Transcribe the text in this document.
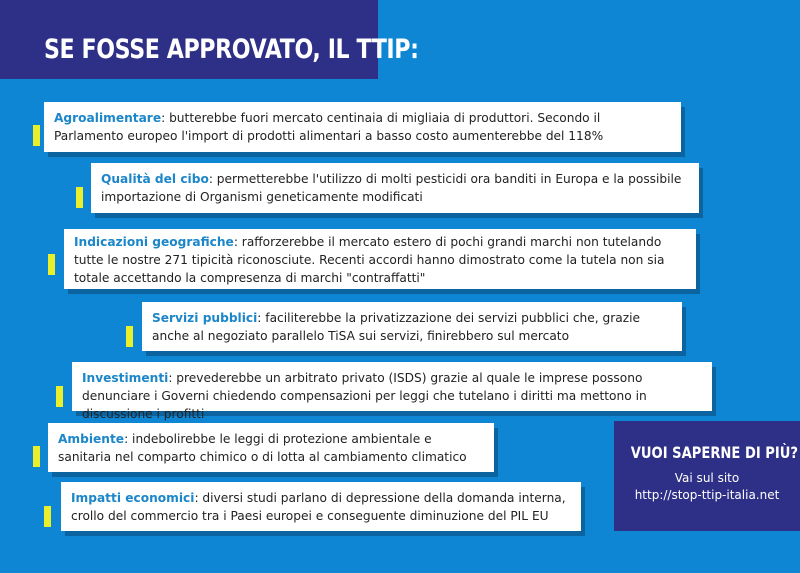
SE FOSSE APPROVATO, IL TTIP:
Agroalimentare: butterebbe fuori mercato centinaia di migliaia di produttori. Secondo il Parlamento europeo l'import di prodotti alimentari a basso costo aumenterebbe del 118%
Qualità del cibo: permetterebbe l'utilizzo di molti pesticidi ora banditi in Europa e la possibile importazione di Organismi geneticamente modificati
Indicazioni geografiche: rafforzerebbe il mercato estero di pochi grandi marchi non tutelando tutte le nostre 271 tipicità riconosciute. Recenti accordi hanno dimostrato come la tutela non sia totale accettando la compresenza di marchi "contraffatti"
Servizi pubblici: faciliterebbe la privatizzazione dei servizi pubblici che, grazie anche al negoziato parallelo TiSA sui servizi, finirebbero sul mercato
Investimenti: prevederebbe un arbitrato privato (ISDS) grazie al quale le imprese possono denunciare i Governi chiedendo compensazioni per leggi che tutelano i diritti ma mettono in discussione i profitti
Ambiente: indebolirebbe le leggi di protezione ambientale e sanitaria nel comparto chimico o di lotta al cambiamento climatico
Impatti economici: diversi studi parlano di depressione della domanda interna, crollo del commercio tra i Paesi europei e conseguente diminuzione del PIL EU
VUOI SAPERNE DI PIÙ?
Vai sul sito
http://stop-ttip-italia.net
